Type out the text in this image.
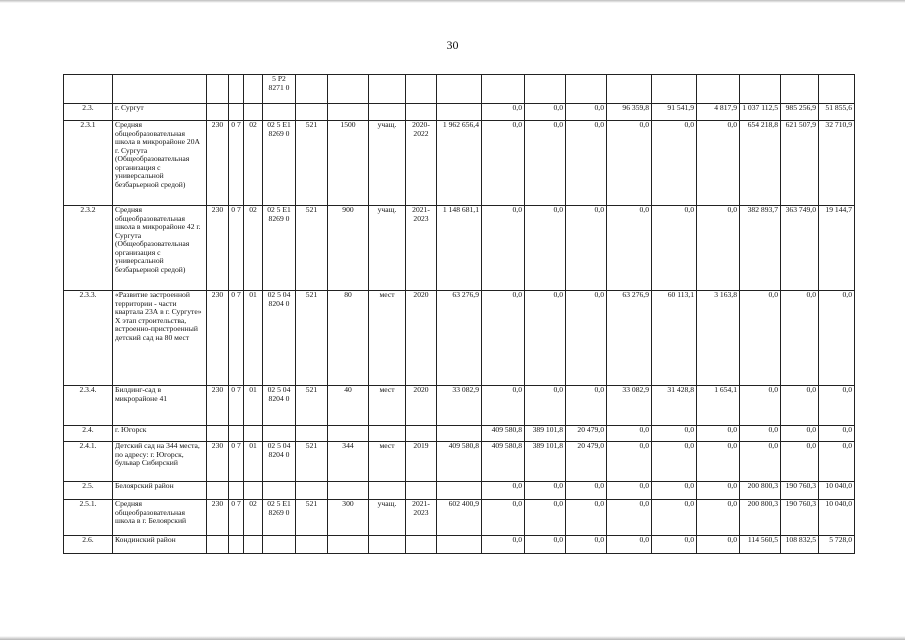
30
					5 P2 8271 0														
2.3.	г. Сургут										0,0	0,0	0,0	96 359,8	91 541,9	4 817,9	1 037 112,5	985 256,9	51 855,6
2.3.1	Средняя общеобразовательная школа в микрорайоне 20А г. Сургута (Общеобразовательная организация с универсальной безбарьерной средой)	230	0 7	02	02 5 E1 8269 0	521	1500	учащ.	2020-2022	1 962 656,4	0,0	0,0	0,0	0,0	0,0	0,0	654 218,8	621 507,9	32 710,9
2.3.2	Средняя общеобразовательная школа в микрорайоне 42 г. Сургута (Общеобразовательная организация с универсальной безбарьерной средой)	230	0 7	02	02 5 E1 8269 0	521	900	учащ.	2021-2023	1 148 681,1	0,0	0,0	0,0	0,0	0,0	0,0	382 893,7	363 749,0	19 144,7
2.3.3.	«Развитие застроенной территории - части квартала 23А в г. Сургуте» X этап строительства, встроенно-пристроенный детский сад на 80 мест	230	0 7	01	02 5 04 8204 0	521	80	мест	2020	63 276,9	0,0	0,0	0,0	63 276,9	60 113,1	3 163,8	0,0	0,0	0,0
2.3.4.	Билдинг-сад в микрорайоне 41	230	0 7	01	02 5 04 8204 0	521	40	мест	2020	33 082,9	0,0	0,0	0,0	33 082,9	31 428,8	1 654,1	0,0	0,0	0,0
2.4.	г. Югорск										409 580,8	389 101,8	20 479,0	0,0	0,0	0,0	0,0	0,0	0,0
2.4.1.	Детский сад на 344 места, по адресу: г. Югорск, бульвар Сибирский	230	0 7	01	02 5 04 8204 0	521	344	мест	2019	409 580,8	409 580,8	389 101,8	20 479,0	0,0	0,0	0,0	0,0	0,0	0,0
2.5.	Белоярский район										0,0	0,0	0,0	0,0	0,0	0,0	200 800,3	190 760,3	10 040,0
2.5.1.	Средняя общеобразовательная школа в г. Белоярский	230	0 7	02	02 5 E1 8269 0	521	300	учащ.	2021-2023	602 400,9	0,0	0,0	0,0	0,0	0,0	0,0	200 800,3	190 760,3	10 040,0
2.6.	Кондинский район										0,0	0,0	0,0	0,0	0,0	0,0	114 560,5	108 832,5	5 728,0
